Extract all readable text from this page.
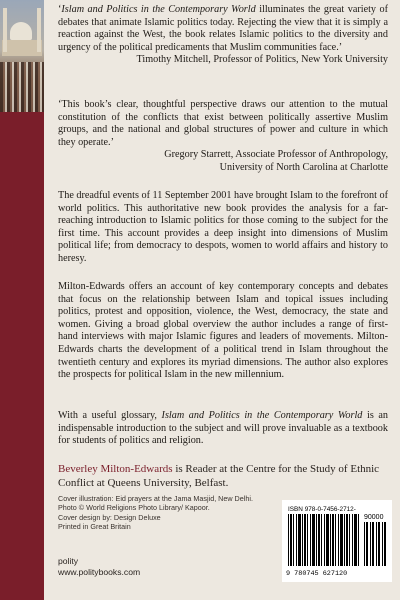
‘Islam and Politics in the Contemporary World illuminates the great variety of debates that animate Islamic politics today. Rejecting the view that it is simply a reaction against the West, the book relates Islamic politics to the diversity and urgency of the political predicaments that Muslim communities face.’

Timothy Mitchell, Professor of Politics, New York University

‘This book’s clear, thoughtful perspective draws our attention to the mutual constitution of the conflicts that exist between politically assertive Muslim groups, and the national and global structures of power and culture in which they operate.’

Gregory Starrett, Associate Professor of Anthropology,
University of North Carolina at Charlotte

The dreadful events of 11 September 2001 have brought Islam to the forefront of world politics. This authoritative new book provides the analysis for a far-reaching introduction to Islamic politics for those coming to the subject for the first time. This account provides a deep insight into dimensions of Muslim political life; from democracy to despots, women to world affairs and history to heresy.

Milton-Edwards offers an account of key contemporary concepts and debates that focus on the relationship between Islam and topical issues including politics, protest and opposition, violence, the West, democracy, the state and women. Giving a broad global overview the author includes a range of first-hand interviews with major Islamic figures and leaders of movements. Milton-Edwards charts the development of a political trend in Islam throughout the twentieth century and explores its myriad dimensions. The author also explores the prospects for political Islam in the new millennium.

With a useful glossary, Islam and Politics in the Contemporary World is an indispensable introduction to the subject and will prove invaluable as a textbook for students of politics and religion.

Beverley Milton-Edwards is Reader at the Centre for the Study of Ethnic Conflict at Queens University, Belfast.

Cover illustration: Eid prayers at the Jama Masjid, New Delhi. Photo © World Religions Photo Library/ Kapoor.
Cover design by: Design Deluxe
Printed in Great Britain
polity
www.politybooks.com
ISBN 978-0-7456-2712-
90000
9 780745 627120
